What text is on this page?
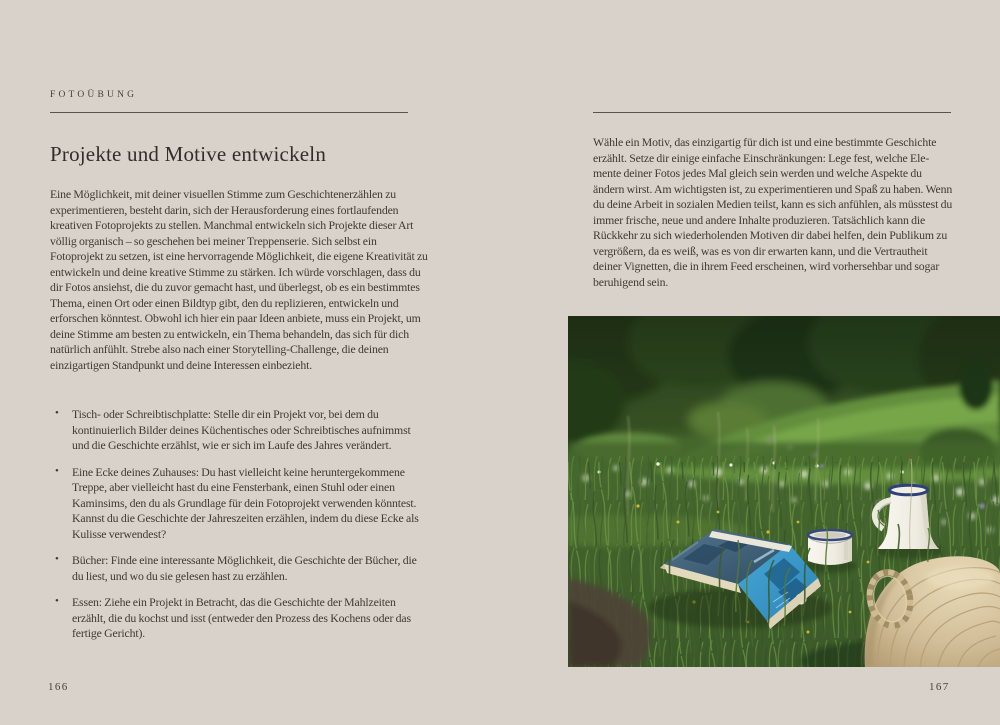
FOTOÜBUNG
Projekte und Motive entwickeln

Eine Möglichkeit, mit deiner visuellen Stimme zum Geschichtenerzählen zu experimentieren, besteht darin, sich der Herausforderung eines fortlaufenden kreativen Fotoprojekts zu stellen. Manchmal entwickeln sich Projekte dieser Art völlig organisch – so geschehen bei meiner Treppenserie. Sich selbst ein Fotoprojekt zu setzen, ist eine hervorragende Möglichkeit, die eigene Kreativität zu entwickeln und deine kreative Stimme zu stärken. Ich würde vorschlagen, dass du dir Fotos ansiehst, die du zuvor gemacht hast, und überlegst, ob es ein bestimmtes Thema, einen Ort oder einen Bildtyp gibt, den du replizieren, entwickeln und erforschen könntest. Obwohl ich hier ein paar Ideen anbiete, muss ein Projekt, um deine Stimme am besten zu entwickeln, ein Thema behandeln, das sich für dich natürlich anfühlt. Strebe also nach einer Storytelling-Challenge, die deinen einzigartigen Standpunkt und deine Interessen einbezieht.

• Tisch- oder Schreibtischplatte: Stelle dir ein Projekt vor, bei dem du kontinuierlich Bilder deines Küchentisches oder Schreibtisches aufnimmst und die Geschichte erzählst, wie er sich im Laufe des Jahres verändert.
• Eine Ecke deines Zuhauses: Du hast vielleicht keine heruntergekommene Treppe, aber vielleicht hast du eine Fensterbank, einen Stuhl oder einen Kaminsims, den du als Grundlage für dein Fotoprojekt verwenden könntest. Kannst du die Geschichte der Jahreszeiten erzählen, indem du diese Ecke als Kulisse verwendest?
• Bücher: Finde eine interessante Möglichkeit, die Geschichte der Bücher, die du liest, und wo du sie gelesen hast zu erzählen.
• Essen: Ziehe ein Projekt in Betracht, das die Geschichte der Mahlzeiten erzählt, die du kochst und isst (entweder den Prozess des Kochens oder das fertige Gericht).
166

Wähle ein Motiv, das einzigartig für dich ist und eine bestimmte Geschichte erzählt. Setze dir einige einfache Einschränkungen: Lege fest, welche Elemente deiner Fotos jedes Mal gleich sein werden und welche Aspekte du ändern wirst. Am wichtigsten ist, zu experimentieren und Spaß zu haben. Wenn du deine Arbeit in sozialen Medien teilst, kann es sich anfühlen, als müsstest du immer frische, neue und andere Inhalte produzieren. Tatsächlich kann die Rückkehr zu sich wiederholenden Motiven dir dabei helfen, dein Publikum zu vergrößern, da es weiß, was es von dir erwarten kann, und die Vertrautheit deiner Vignetten, die in ihrem Feed erscheinen, wird vorhersehbar und sogar beruhigend sein.

167
